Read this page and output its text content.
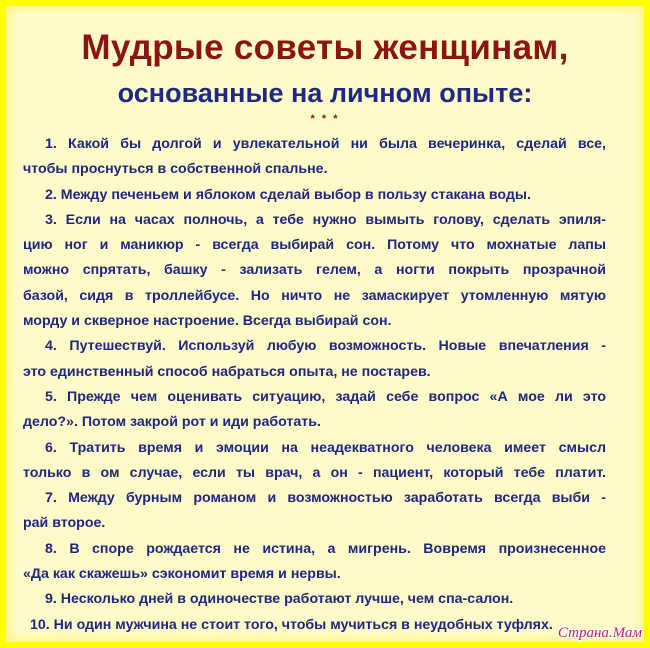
Мудрые советы женщинам,
основанные на личном опыте:
* * *
1. Какой бы долгой и увлекательной ни была вечеринка, сделай все,
чтобы проснуться в собственной спальне.
2. Между печеньем и яблоком сделай выбор в пользу стакана воды.
3. Если на часах полночь, а тебе нужно вымыть голову, сделать эпиля-
цию ног и маникюр - всегда выбирай сон. Потому что мохнатые лапы
можно спрятать, башку - зализать гелем, а ногти покрыть прозрачной
базой, сидя в троллейбусе. Но ничто не замаскирует утомленную мятую
морду и скверное настроение. Всегда выбирай сон.
4. Путешествуй. Используй любую возможность. Новые впечатления -
это единственный способ набраться опыта, не постарев.
5. Прежде чем оценивать ситуацию, задай себе вопрос «А мое ли это
дело?». Потом закрой рот и иди работать.
6. Тратить время и эмоции на неадекватного человека имеет смысл
только в ом случае, если ты врач, а он - пациент, который тебе платит.
7. Между бурным романом и возможностью заработать всегда выби -
рай второе.
8. В споре рождается не истина, а мигрень. Вовремя произнесенное
«Да как скажешь» сэкономит время и нервы.
9. Несколько дней в одиночестве работают лучше, чем спа-салон.
10. Ни один мужчина не стоит того, чтобы мучиться в неудобных туфлях.
Страна.Мам
